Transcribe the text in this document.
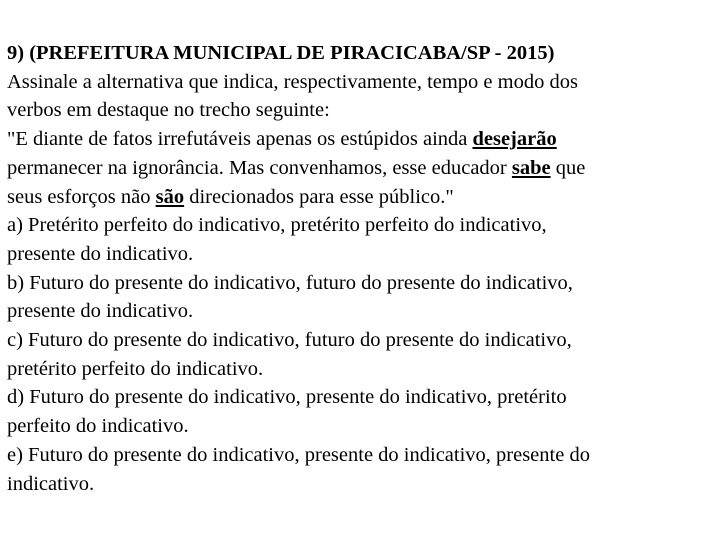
9) (PREFEITURA MUNICIPAL DE PIRACICABA/SP - 2015)
Assinale a alternativa que indica, respectivamente, tempo e modo dos
verbos em destaque no trecho seguinte:
"E diante de fatos irrefutáveis apenas os estúpidos ainda desejarão
permanecer na ignorância. Mas convenhamos, esse educador sabe que
seus esforços não são direcionados para esse público."
a) Pretérito perfeito do indicativo, pretérito perfeito do indicativo,
presente do indicativo.
b) Futuro do presente do indicativo, futuro do presente do indicativo,
presente do indicativo.
c) Futuro do presente do indicativo, futuro do presente do indicativo,
pretérito perfeito do indicativo.
d) Futuro do presente do indicativo, presente do indicativo, pretérito
perfeito do indicativo.
e) Futuro do presente do indicativo, presente do indicativo, presente do
indicativo.
